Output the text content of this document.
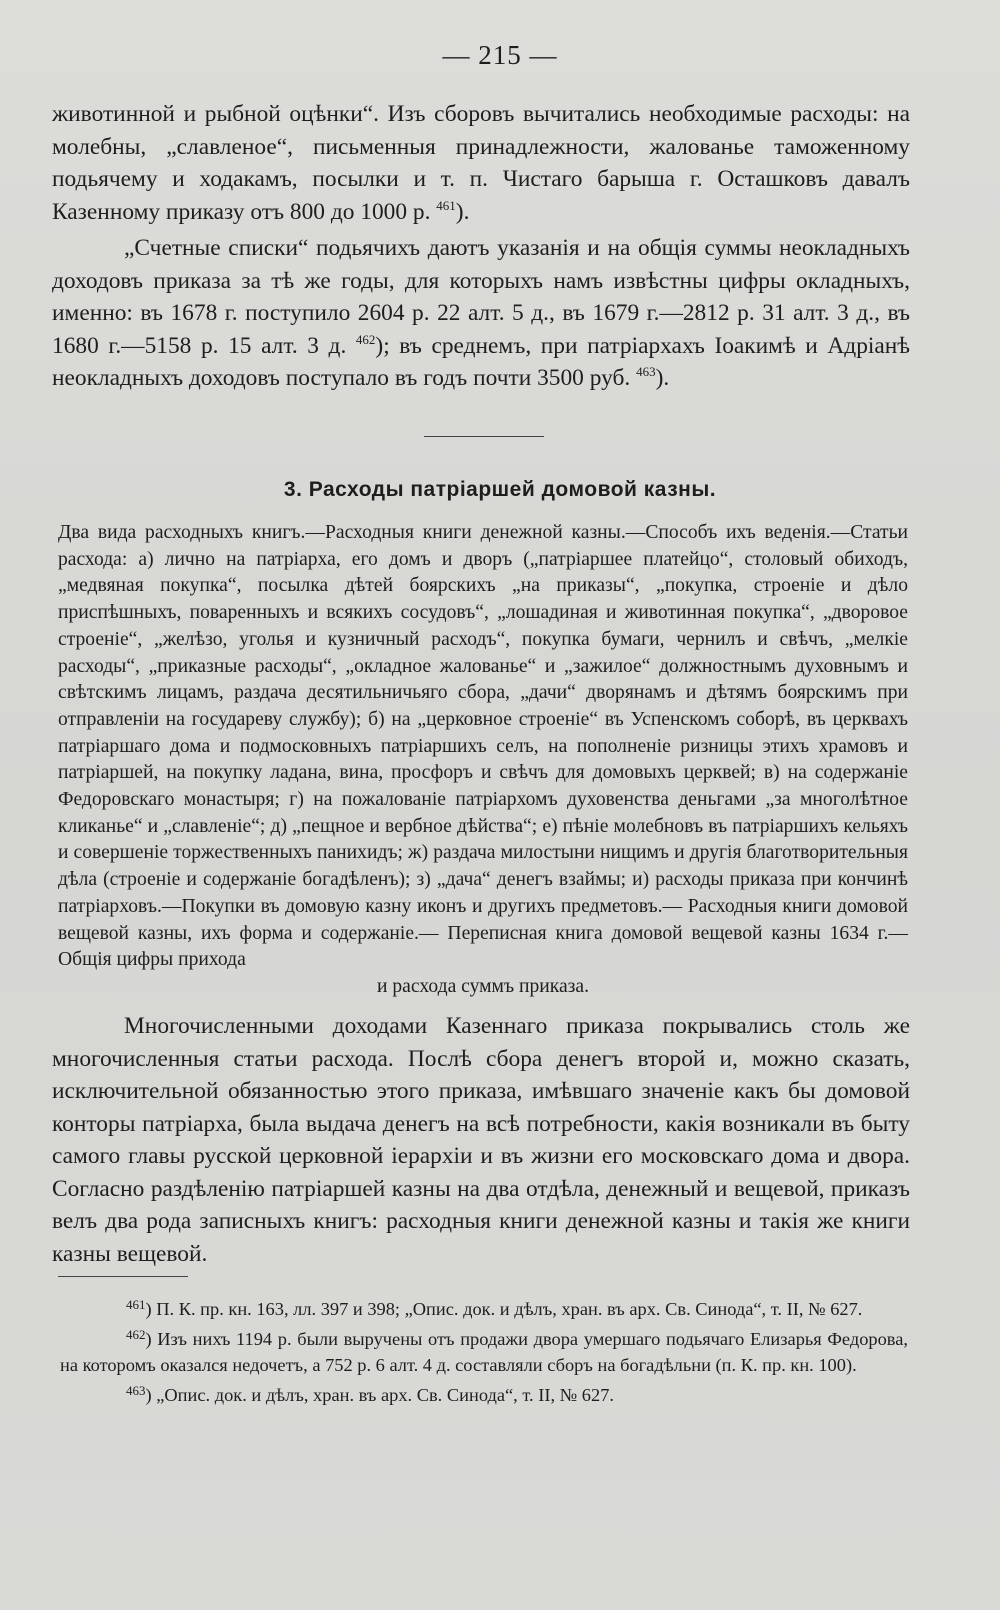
— 215 —

животинной и рыбной оцѣнки“. Изъ сборовъ вычитались необходимые расходы: на молебны, „славленое“, письменныя принадлежности, жалованье таможенному подьячему и ходакамъ, посылки и т. п. Чистаго барыша г. Осташковъ давалъ Казенному приказу отъ 800 до 1000 р. $^{461}$).

„Счетные списки“ подьячихъ даютъ указанія и на общія суммы неокладныхъ доходовъ приказа за тѣ же годы, для которыхъ намъ извѣстны цифры окладныхъ, именно: въ 1678 г. поступило 2604 р. 22 алт. 5 д., въ 1679 г.—2812 р. 31 алт. 3 д., въ 1680 г.—5158 р. 15 алт. 3 д. $^{462}$); въ среднемъ, при патріархахъ Іоакимѣ и Адріанѣ неокладныхъ доходовъ поступало въ годъ почти 3500 руб. $^{463}$).

3. Расходы патріаршей домовой казны.
Два вида расходныхъ книгъ.—Расходныя книги денежной казны.—Способъ ихъ веденія.—Статьи расхода: а) лично на патріарха, его домъ и дворъ („патріаршее платейцо“, столовый обиходъ, „медвяная покупка“, посылка дѣтей боярскихъ „на приказы“, „покупка, строеніе и дѣло приспѣшныхъ, поваренныхъ и всякихъ сосудовъ“, „лошадиная и животинная покупка“, „дворовое строеніе“, „желѣзо, уголья и кузничный расходъ“, покупка бумаги, чернилъ и свѣчъ, „мелкіе расходы“, „приказные расходы“, „окладное жалованье“ и „зажилое“ должностнымъ духовнымъ и свѣтскимъ лицамъ, раздача десятильничьяго сбора, „дачи“ дворянамъ и дѣтямъ боярскимъ при отправленіи на государеву службу); б) на „церковное строеніе“ въ Успенскомъ соборѣ, въ церквахъ патріаршаго дома и подмосковныхъ патріаршихъ селъ, на пополненіе ризницы этихъ храмовъ и патріаршей, на покупку ладана, вина, просфоръ и свѣчъ для домовыхъ церквей; в) на содержаніе Федоровскаго монастыря; г) на пожалованіе патріархомъ духовенства деньгами „за многолѣтное кликанье“ и „славленіе“; д) „пещное и вербное дѣйства“; е) пѣніе молебновъ въ патріаршихъ кельяхъ и совершеніе торжественныхъ панихидъ; ж) раздача милостыни нищимъ и другія благотворительныя дѣла (строеніе и содержаніе богадѣленъ); з) „дача“ денегъ взаймы; и) расходы приказа при кончинѣ патріарховъ.—Покупки въ домовую казну иконъ и другихъ предметовъ.— Расходныя книги домовой вещевой казны, ихъ форма и содержаніе.— Переписная книга домовой вещевой казны 1634 г.— Общія цифры прихода
и расхода суммъ приказа.

Многочисленными доходами Казеннаго приказа покрывались столь же многочисленныя статьи расхода. Послѣ сбора денегъ второй и, можно сказать, исключительной обязанностью этого приказа, имѣвшаго значеніе какъ бы домовой конторы патріарха, была выдача денегъ на всѣ потребности, какія возникали въ быту самого главы русской церковной іерархіи и въ жизни его московскаго дома и двора. Согласно раздѣленію патріаршей казны на два отдѣла, денежный и вещевой, приказъ велъ два рода записныхъ книгъ: расходныя книги денежной казны и такія же книги казны вещевой.

$^{461}$) П. К. пр. кн. 163, лл. 397 и 398; „Опис. док. и дѣлъ, хран. въ арх. Св. Синода“, т. II, № 627.

$^{462}$) Изъ нихъ 1194 р. были выручены отъ продажи двора умершаго подьячаго Елизарья Федорова, на которомъ оказался недочетъ, а 752 р. 6 алт. 4 д. составляли сборъ на богадѣльни (п. К. пр. кн. 100).

$^{463}$) „Опис. док. и дѣлъ, хран. въ арх. Св. Синода“, т. II, № 627.
